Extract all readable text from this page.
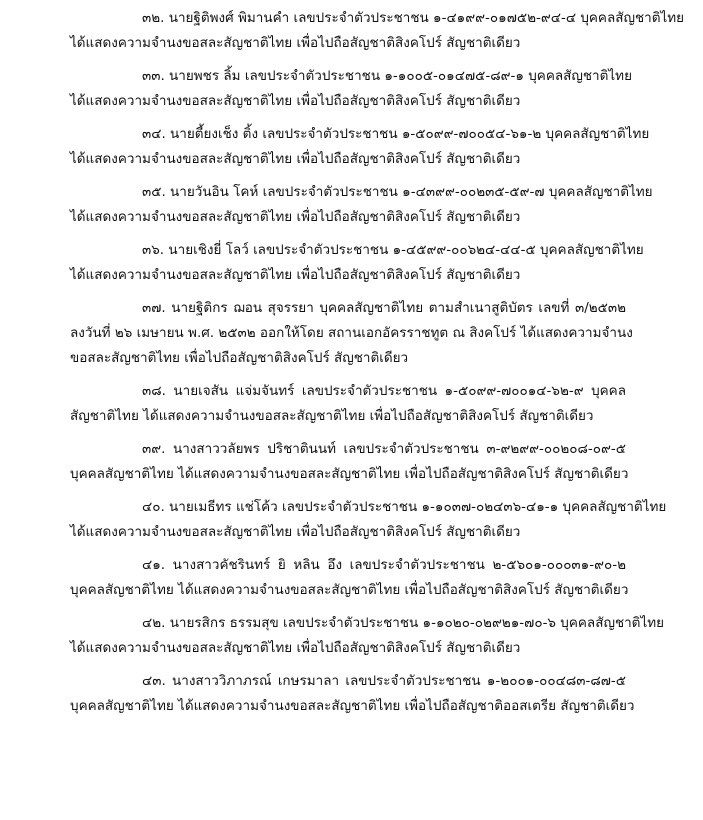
๓๒. นายฐิติพงศ์ พิมานคำ เลขประจำตัวประชาชน ๑-๔๑๙๙-๐๑๗๕๒-๙๔-๔ บุคคลสัญชาติไทย
ได้แสดงความจำนงขอสละสัญชาติไทย เพื่อไปถือสัญชาติสิงคโปร์ สัญชาติเดียว
๓๓. นายพชร ลิ้ม เลขประจำตัวประชาชน ๑-๑๐๐๕-๐๑๔๗๕-๘๙-๑ บุคคลสัญชาติไทย
ได้แสดงความจำนงขอสละสัญชาติไทย เพื่อไปถือสัญชาติสิงคโปร์ สัญชาติเดียว
๓๔. นายตี้ยงเช็ง ติ้ง เลขประจำตัวประชาชน ๑-๕๐๙๙-๗๐๐๕๔-๖๑-๒ บุคคลสัญชาติไทย
ได้แสดงความจำนงขอสละสัญชาติไทย เพื่อไปถือสัญชาติสิงคโปร์ สัญชาติเดียว
๓๕. นายวันอิน โคห์ เลขประจำตัวประชาชน ๑-๔๓๙๙-๐๐๒๓๕-๕๙-๗ บุคคลสัญชาติไทย
ได้แสดงความจำนงขอสละสัญชาติไทย เพื่อไปถือสัญชาติสิงคโปร์ สัญชาติเดียว
๓๖. นายเชิงยี่ โลว์ เลขประจำตัวประชาชน ๑-๔๕๙๙-๐๐๖๒๔-๔๔-๕ บุคคลสัญชาติไทย
ได้แสดงความจำนงขอสละสัญชาติไทย เพื่อไปถือสัญชาติสิงคโปร์ สัญชาติเดียว
๓๗. นายฐิติกร ฌอน สุจรรยา บุคคลสัญชาติไทย ตามสำเนาสูติบัตร เลขที่ ๓/๒๕๓๒
ลงวันที่ ๒๖ เมษายน พ.ศ. ๒๕๓๒ ออกให้โดย สถานเอกอัครราชทูต ณ สิงคโปร์ ได้แสดงความจำนง
ขอสละสัญชาติไทย เพื่อไปถือสัญชาติสิงคโปร์ สัญชาติเดียว
๓๘. นายเจสัน แจ่มจันทร์ เลขประจำตัวประชาชน ๑-๕๐๙๙-๗๐๐๑๔-๖๒-๙ บุคคล
สัญชาติไทย ได้แสดงความจำนงขอสละสัญชาติไทย เพื่อไปถือสัญชาติสิงคโปร์ สัญชาติเดียว
๓๙. นางสาววลัยพร ปริชาตินนท์ เลขประจำตัวประชาชน ๓-๙๒๙๙-๐๐๒๐๘-๐๙-๕
บุคคลสัญชาติไทย ได้แสดงความจำนงขอสละสัญชาติไทย เพื่อไปถือสัญชาติสิงคโปร์ สัญชาติเดียว
๔๐. นายเมธีทร แช่โค้ว เลขประจำตัวประชาชน ๑-๑๐๓๗-๐๒๔๓๖-๔๑-๑ บุคคลสัญชาติไทย
ได้แสดงความจำนงขอสละสัญชาติไทย เพื่อไปถือสัญชาติสิงคโปร์ สัญชาติเดียว
๔๑. นางสาวคัชรินทร์ ยิ หลิน อึง เลขประจำตัวประชาชน ๒-๕๖๐๑-๐๐๐๓๑-๙๐-๒
บุคคลสัญชาติไทย ได้แสดงความจำนงขอสละสัญชาติไทย เพื่อไปถือสัญชาติสิงคโปร์ สัญชาติเดียว
๔๒. นายรสิกร ธรรมสุข เลขประจำตัวประชาชน ๑-๑๐๒๐-๐๒๙๒๑-๗๐-๖ บุคคลสัญชาติไทย
ได้แสดงความจำนงขอสละสัญชาติไทย เพื่อไปถือสัญชาติสิงคโปร์ สัญชาติเดียว
๔๓. นางสาววิภาภรณ์ เกษรมาลา เลขประจำตัวประชาชน ๑-๒๐๐๑-๐๐๔๘๓-๘๗-๕
บุคคลสัญชาติไทย ได้แสดงความจำนงขอสละสัญชาติไทย เพื่อไปถือสัญชาติออสเตรีย สัญชาติเดียว
